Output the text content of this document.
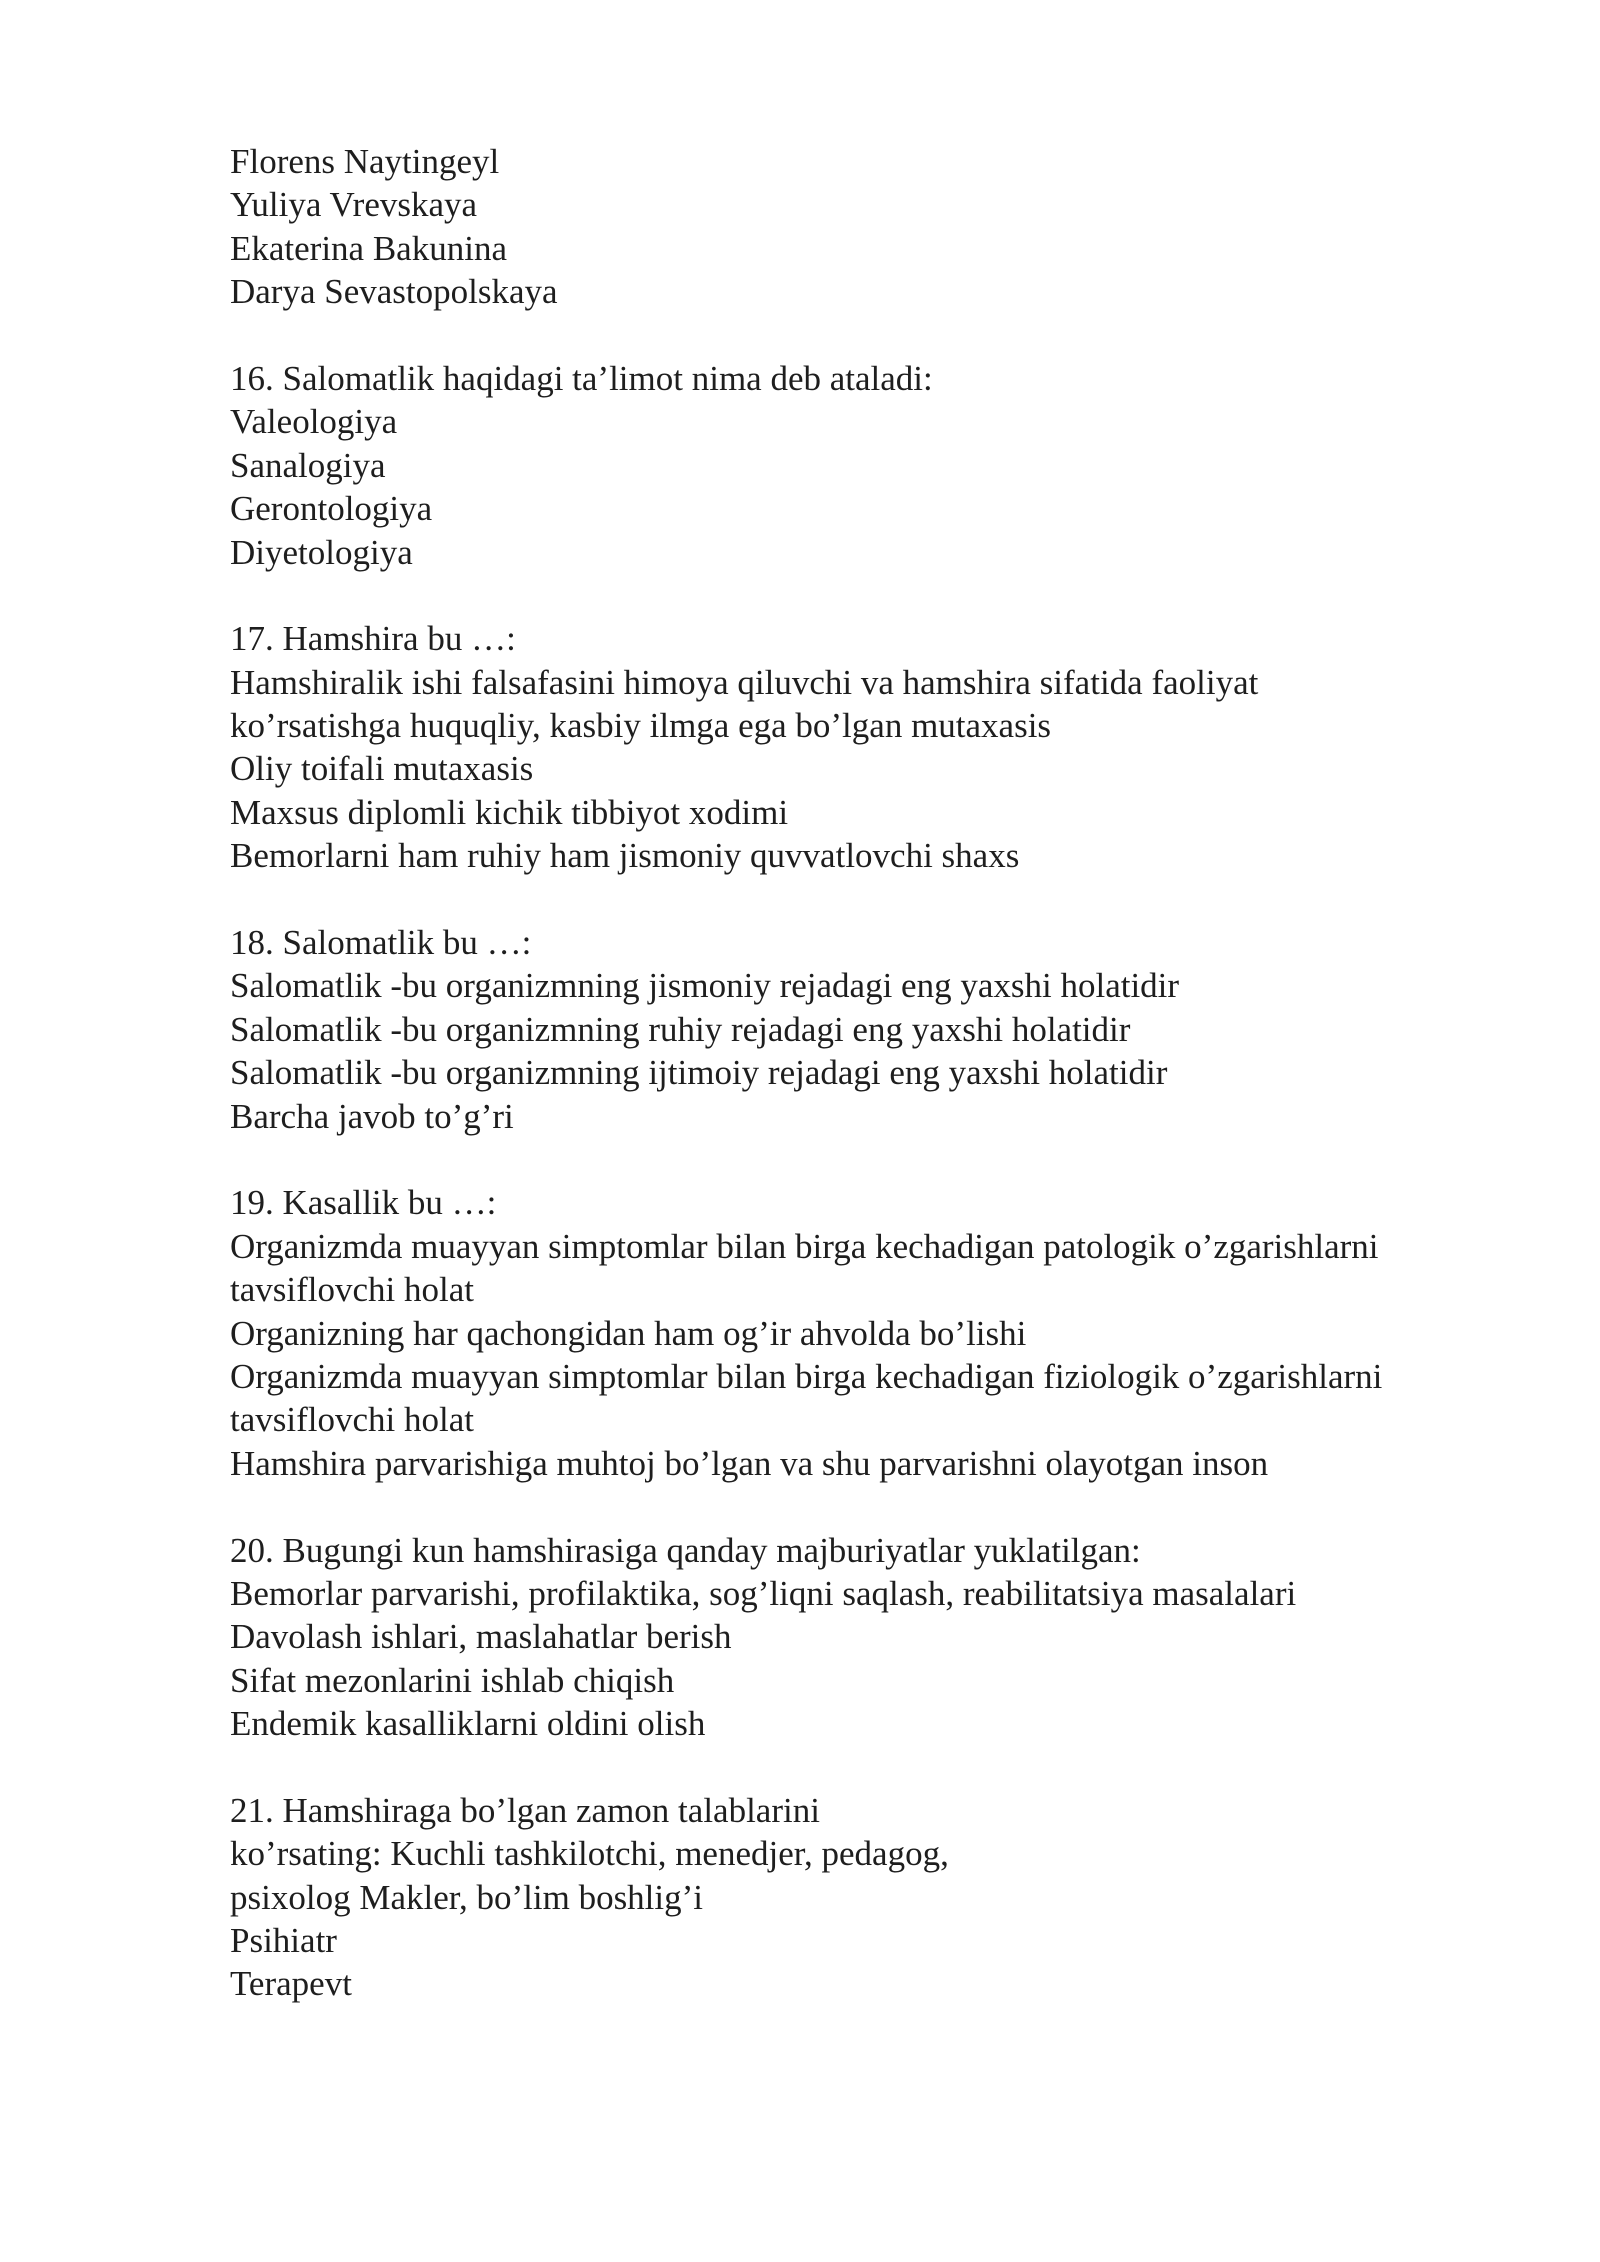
Florens Naytingeyl
Yuliya Vrevskaya
Ekaterina Bakunina
Darya Sevastopolskaya
16. Salomatlik haqidagi ta’limot nima deb ataladi:
Valeologiya
Sanalogiya
Gerontologiya
Diyetologiya
17. Hamshira bu …:
Hamshiralik ishi falsafasini himoya qiluvchi va hamshira sifatida faoliyat
ko’rsatishga huquqliy, kasbiy ilmga ega bo’lgan mutaxasis
Oliy toifali mutaxasis
Maxsus diplomli kichik tibbiyot xodimi
Bemorlarni ham ruhiy ham jismoniy quvvatlovchi shaxs
18. Salomatlik bu …:
Salomatlik -bu organizmning jismoniy rejadagi eng yaxshi holatidir
Salomatlik -bu organizmning ruhiy rejadagi eng yaxshi holatidir
Salomatlik -bu organizmning ijtimoiy rejadagi eng yaxshi holatidir
Barcha javob to’g’ri
19. Kasallik bu …:
Organizmda muayyan simptomlar bilan birga kechadigan patologik o’zgarishlarni
tavsiflovchi holat
Organizning har qachongidan ham og’ir ahvolda bo’lishi
Organizmda muayyan simptomlar bilan birga kechadigan fiziologik o’zgarishlarni
tavsiflovchi holat
Hamshira parvarishiga muhtoj bo’lgan va shu parvarishni olayotgan inson
20. Bugungi kun hamshirasiga qanday majburiyatlar yuklatilgan:
Bemorlar parvarishi, profilaktika, sog’liqni saqlash, reabilitatsiya masalalari
Davolash ishlari, maslahatlar berish
Sifat mezonlarini ishlab chiqish
Endemik kasalliklarni oldini olish
21. Hamshiraga bo’lgan zamon talablarini
ko’rsating: Kuchli tashkilotchi, menedjer, pedagog,
psixolog Makler, bo’lim boshlig’i
Psihiatr
Terapevt
